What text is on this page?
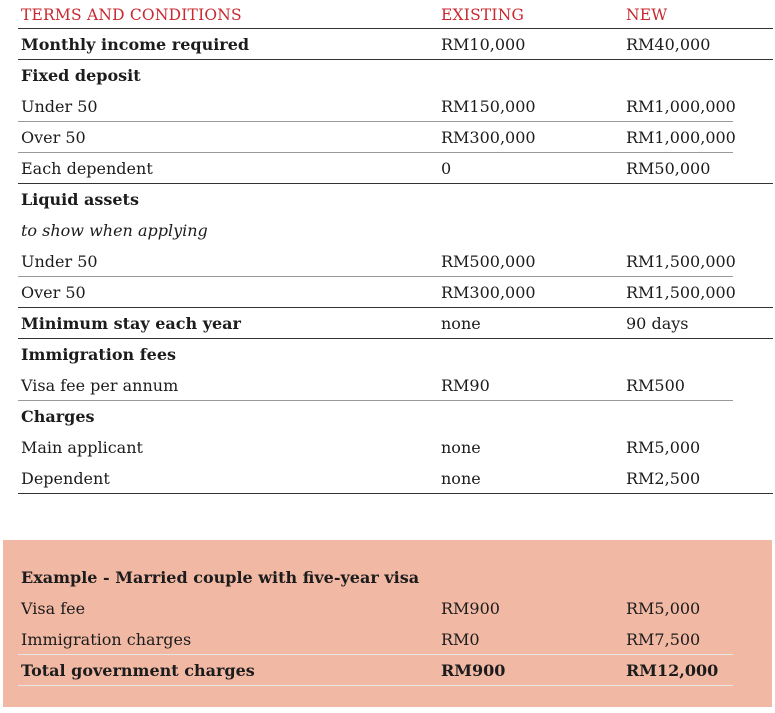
TERMS AND CONDITIONS	EXISTING	NEW
Monthly income required	RM10,000	RM40,000
Fixed deposit
Under 50	RM150,000	RM1,000,000
Over 50	RM300,000	RM1,000,000
Each dependent	0	RM50,000
Liquid assets
to show when applying
Under 50	RM500,000	RM1,500,000
Over 50	RM300,000	RM1,500,000
Minimum stay each year	none	90 days
Immigration fees
Visa fee per annum	RM90	RM500
Charges
Main applicant	none	RM5,000
Dependent	none	RM2,500
Example - Married couple with five-year visa
Visa fee	RM900	RM5,000
Immigration charges	RM0	RM7,500
Total government charges	RM900	RM12,000
